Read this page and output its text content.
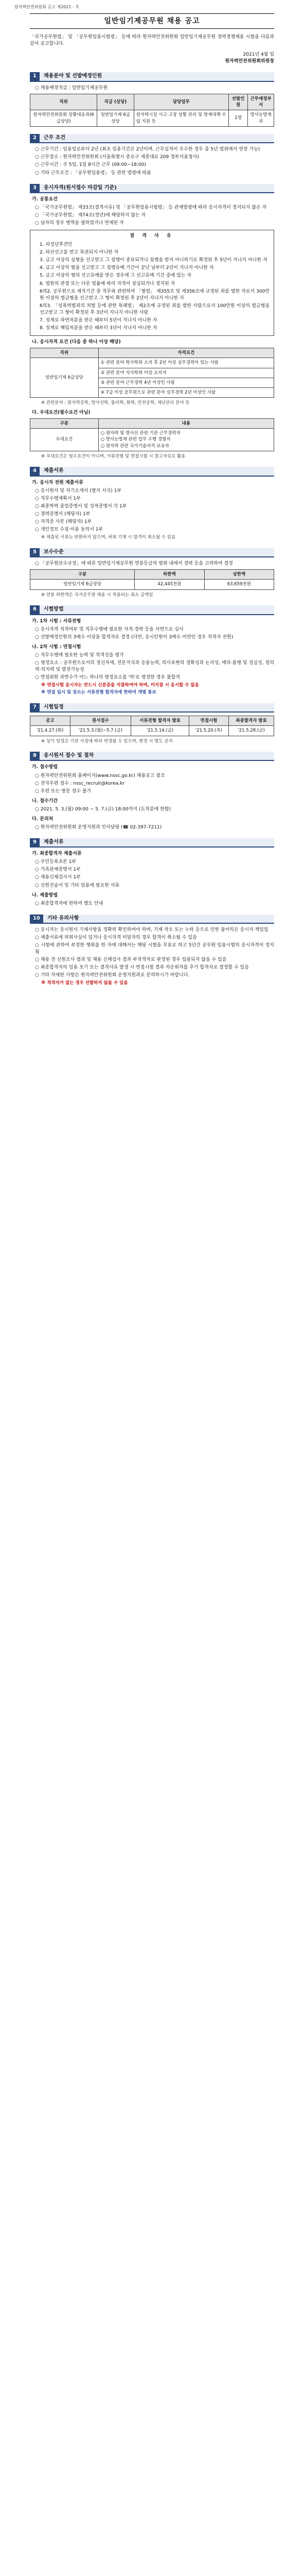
원자력안전위원회 공고 제2021 - 호
일반임기제공무원 채용 공고
「국가공무원법」 및 「공무원임용시험령」 등에 따라 원자력안전위원회 일반임기제공무원 경력경쟁채용 시험을 다음과 같이 공고합니다.
2021년 4월 일
원자력안전위원회위원장
1	채용분야 및 선발예정인원
○ 채용예정직급 : 일반임기제공무원
직위	직급 (상당)	담당업무	선발인원	근무예정부서
원자력안전위원회 상황대응과(6급상당)	일반임기제 6급상당	원자력시설 사고·고장 상황 관리 및 방재대책 수립 지원 등	1명	방사능방재과
2	근무 조건
○ 근무기간 : 임용일로부터 2년 (최초 임용기간은 2년이며, 근무실적이 우수한 경우 총 5년 범위에서 연장 가능)
○ 근무장소 : 원자력안전위원회 (서울특별시 종로구 세종대로 209 정부서울청사)
○ 근무시간 : 주 5일, 1일 8시간 근무 (09:00~18:00)
○ 기타 근무조건 : 「공무원임용령」 등 관련 법령에 따름
3	응시자격(원서접수 마감일 기준)
가. 공통요건
○ 「국가공무원법」 제33조(결격사유) 및 「공무원임용시험령」 등 관계법령에 따라 응시자격이 정지되지 않은 자
○ 「국가공무원법」 제74조(정년)에 해당하지 않는 자
○ 남자의 경우 병역을 필하였거나 면제된 자
결 격 사 유
1. 피성년후견인
2. 파산선고를 받고 복권되지 아니한 자
3. 금고 이상의 실형을 선고받고 그 집행이 종료되거나 집행을 받지 아니하기로 확정된 후 5년이 지나지 아니한 자
4. 금고 이상의 형을 선고받고 그 집행유예 기간이 끝난 날부터 2년이 지나지 아니한 자
5. 금고 이상의 형의 선고유예를 받은 경우에 그 선고유예 기간 중에 있는 자
6. 법원의 판결 또는 다른 법률에 따라 자격이 상실되거나 정지된 자
6의2. 공무원으로 재직기간 중 직무와 관련하여 「형법」 제355조 및 제356조에 규정된 죄를 범한 자로서 300만원 이상의 벌금형을 선고받고 그 형이 확정된 후 2년이 지나지 아니한 자
6의3. 「성폭력범죄의 처벌 등에 관한 특례법」 제2조에 규정된 죄를 범한 사람으로서 100만원 이상의 벌금형을 선고받고 그 형이 확정된 후 3년이 지나지 아니한 사람
7. 징계로 파면처분을 받은 때부터 5년이 지나지 아니한 자
8. 징계로 해임처분을 받은 때부터 3년이 지나지 아니한 자
나. 응시자격 요건 (다음 중 하나 이상 해당)
직위	자격요건
일반임기제 6급상당	① 관련 분야 학사학위 소지 후 2년 이상 실무경력이 있는 사람
	② 관련 분야 석사학위 이상 소지자
	③ 관련 분야 근무경력 4년 이상인 사람
	④ 7급 이상 공무원으로 관련 분야 실무경력 2년 이상인 사람
※ 관련분야 : 원자력공학, 방사선학, 물리학, 화학, 안전공학, 재난관리 분야 등
다. 우대요건(필수요건 아님)
구분	내용
우대요건	○ 원자력 및 방사선 관련 기관 근무경력자
○ 방사능방재 관련 업무 수행 경험자
○ 원자력 관련 국가기술자격 보유자
※ 우대요건은 필수요건이 아니며, 서류전형 및 면접시험 시 참고자료로 활용
4	제출서류
가. 응시자 전원 제출서류
○ 응시원서 및 자기소개서 (별지 서식) 1부
○ 직무수행계획서 1부
○ 최종학력 졸업증명서 및 성적증명서 각 1부
○ 경력증명서 (해당자) 1부
○ 자격증 사본 (해당자) 1부
○ 개인정보 수집·이용 동의서 1부
※ 제출된 서류는 반환하지 않으며, 허위 기재 시 합격이 취소될 수 있음
5	보수수준
○ 「공무원보수규정」에 따른 일반임기제공무원 연봉등급의 범위 내에서 경력 등을 고려하여 결정
구분	하한액	상한액
일반임기제 6급상당	42,445천원	63,659천원
※ 연봉 하한액은 국가공무원 채용 시 적용되는 최소 금액임
6	시험방법
가. 1차 시험 : 서류전형
○ 응시자격 적격여부 및 직무수행에 필요한 자격·경력 등을 서면으로 심사
○ 선발예정인원의 3배수 이상을 합격자로 결정 (다만, 응시인원이 3배수 미만인 경우 적격자 전원)
나. 2차 시험 : 면접시험
○ 직무수행에 필요한 능력 및 적격성을 평가
○ 평정요소 : 공무원으로서의 정신자세, 전문지식과 응용능력, 의사표현의 정확성과 논리성, 예의·품행 및 성실성, 창의력·의지력 및 발전가능성
○ 면접위원 과반수가 어느 하나의 평정요소를 '하'로 평정한 경우 불합격
※ 면접시험 응시자는 반드시 신분증을 지참하여야 하며, 미지참 시 응시할 수 없음
※ 면접 일시 및 장소는 서류전형 합격자에 한하여 개별 통보
7	시험일정
공고	원서접수	서류전형 합격자 발표	면접시험	최종합격자 발표
'21.4.27.(화)	'21.5.3.(월)~5.7.(금)	'21.5.14.(금)	'21.5.20.(목)	'21.5.28.(금)
※ 상기 일정은 기관 사정에 따라 변경될 수 있으며, 변경 시 별도 공지
8	응시원서 접수 및 절차
가. 접수방법
○ 원자력안전위원회 홈페이지(www.nssc.go.kr) 채용공고 참조
○ 전자우편 접수 : nssc_recruit@korea.kr
○ 우편 또는 방문 접수 불가
나. 접수기간
○ 2021. 5. 3.(월) 09:00 ~ 5. 7.(금) 18:00까지 (도착분에 한함)
다. 문의처
○ 원자력안전위원회 운영지원과 인사담당 (☎ 02-397-7211)
9	제출서류
가. 최종합격자 제출서류
○ 주민등록초본 1부
○ 가족관계증명서 1부
○ 채용신체검사서 1부
○ 신원진술서 및 기타 임용에 필요한 서류
나. 제출방법
○ 최종합격자에 한하여 별도 안내
10	기타 유의사항
○ 응시자는 응시원서 기재사항을 정확히 확인하여야 하며, 기재 착오 또는 누락 등으로 인한 불이익은 응시자 책임임
○ 제출서류에 허위사실이 있거나 응시자격 미달자의 경우 합격이 취소될 수 있음
○ 시험에 관하여 부정한 행위를 한 자에 대해서는 해당 시험을 무효로 하고 5년간 공무원 임용시험의 응시자격이 정지됨
○ 채용 전 신원조사 결과 및 채용 신체검사 결과 부적격자로 판정된 경우 임용되지 않을 수 있음
○ 최종합격자의 임용 포기 또는 결격사유 발생 시 면접시험 결과 차순위자를 추가 합격자로 결정할 수 있음
○ 기타 자세한 사항은 원자력안전위원회 운영지원과로 문의하시기 바랍니다.
※ 적격자가 없는 경우 선발하지 않을 수 있음
